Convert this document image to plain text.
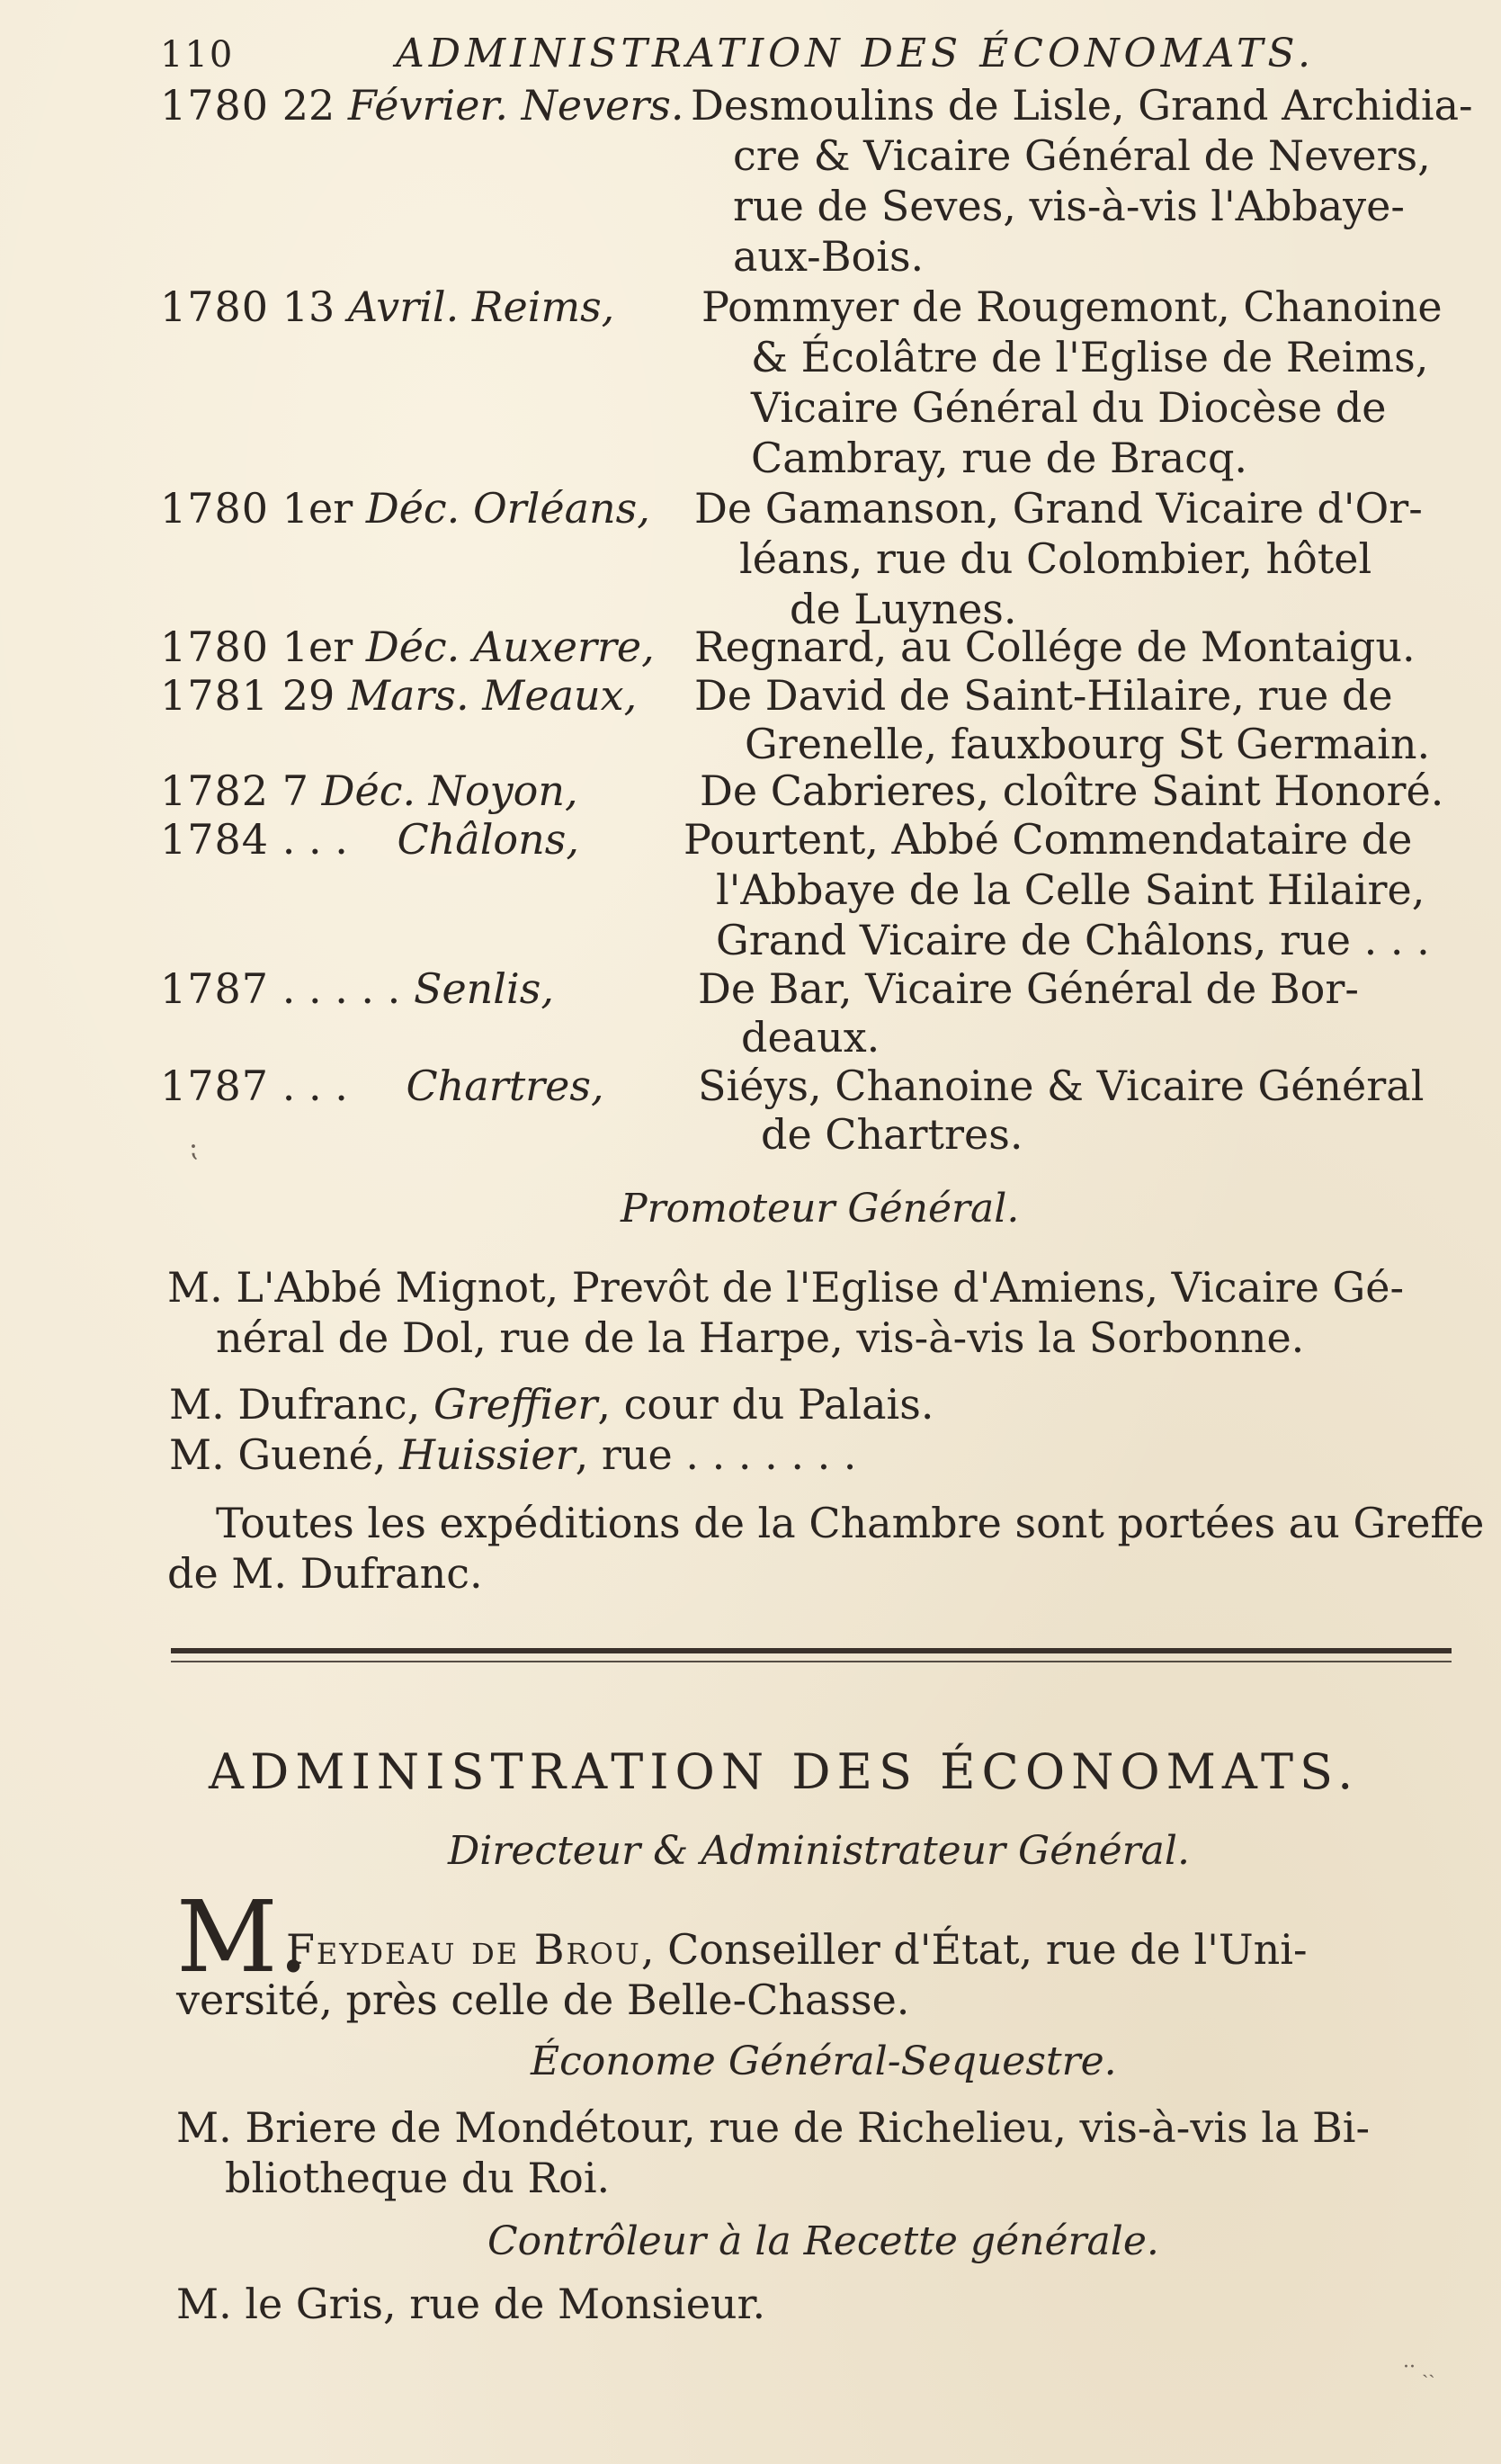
110	ADMINISTRATION DES ÉCONOMATS.
1780 22 Février. Nevers. Desmoulins de Lisle, Grand Archidia-
cre & Vicaire Général de Nevers,
rue de Seves, vis-à-vis l'Abbaye-
aux-Bois.
1780 13 Avril. Reims, Pommyer de Rougemont, Chanoine
& Écolâtre de l'Eglise de Reims,
Vicaire Général du Diocèse de
Cambray, rue de Bracq.
1780 1er Déc. Orléans, De Gamanson, Grand Vicaire d'Or-
léans, rue du Colombier, hôtel
de Luynes.
1780 1er Déc. Auxerre, Regnard, au Collége de Montaigu.
1781 29 Mars. Meaux, De David de Saint-Hilaire, rue de
Grenelle, fauxbourg St Germain.
1782 7 Déc. Noyon,	De Cabrieres, cloître Saint Honoré.
1784 . . . Châlons,	Pourtent, Abbé Commendataire de
l'Abbaye de la Celle Saint Hilaire,
Grand Vicaire de Châlons, rue . . .
1787 . . . . . Senlis,	De Bar, Vicaire Général de Bor-
deaux.
1787 . . . Chartres, Siéys, Chanoine & Vicaire Général
de Chartres.
⁏
Promoteur Général.
M. L'Abbé Mignot, Prevôt de l'Eglise d'Amiens, Vicaire Gé-
néral de Dol, rue de la Harpe, vis-à-vis la Sorbonne.
M. Dufranc, Greffier, cour du Palais.
M. Guené, Huissier, rue . . . . . . .
Toutes les expéditions de la Chambre sont portées au Greffe
de M. Dufranc.
ADMINISTRATION DES ÉCONOMATS.
Directeur & Administrateur Général.
M.
Feydeau de Brou, Conseiller d'État, rue de l'Uni-
versité, près celle de Belle-Chasse.
Économe Général-Sequestre.
M. Briere de Mondétour, rue de Richelieu, vis-à-vis la Bi-
bliotheque du Roi.
Contrôleur à la Recette générale.
M. le Gris, rue de Monsieur.
·· ˎˏ
